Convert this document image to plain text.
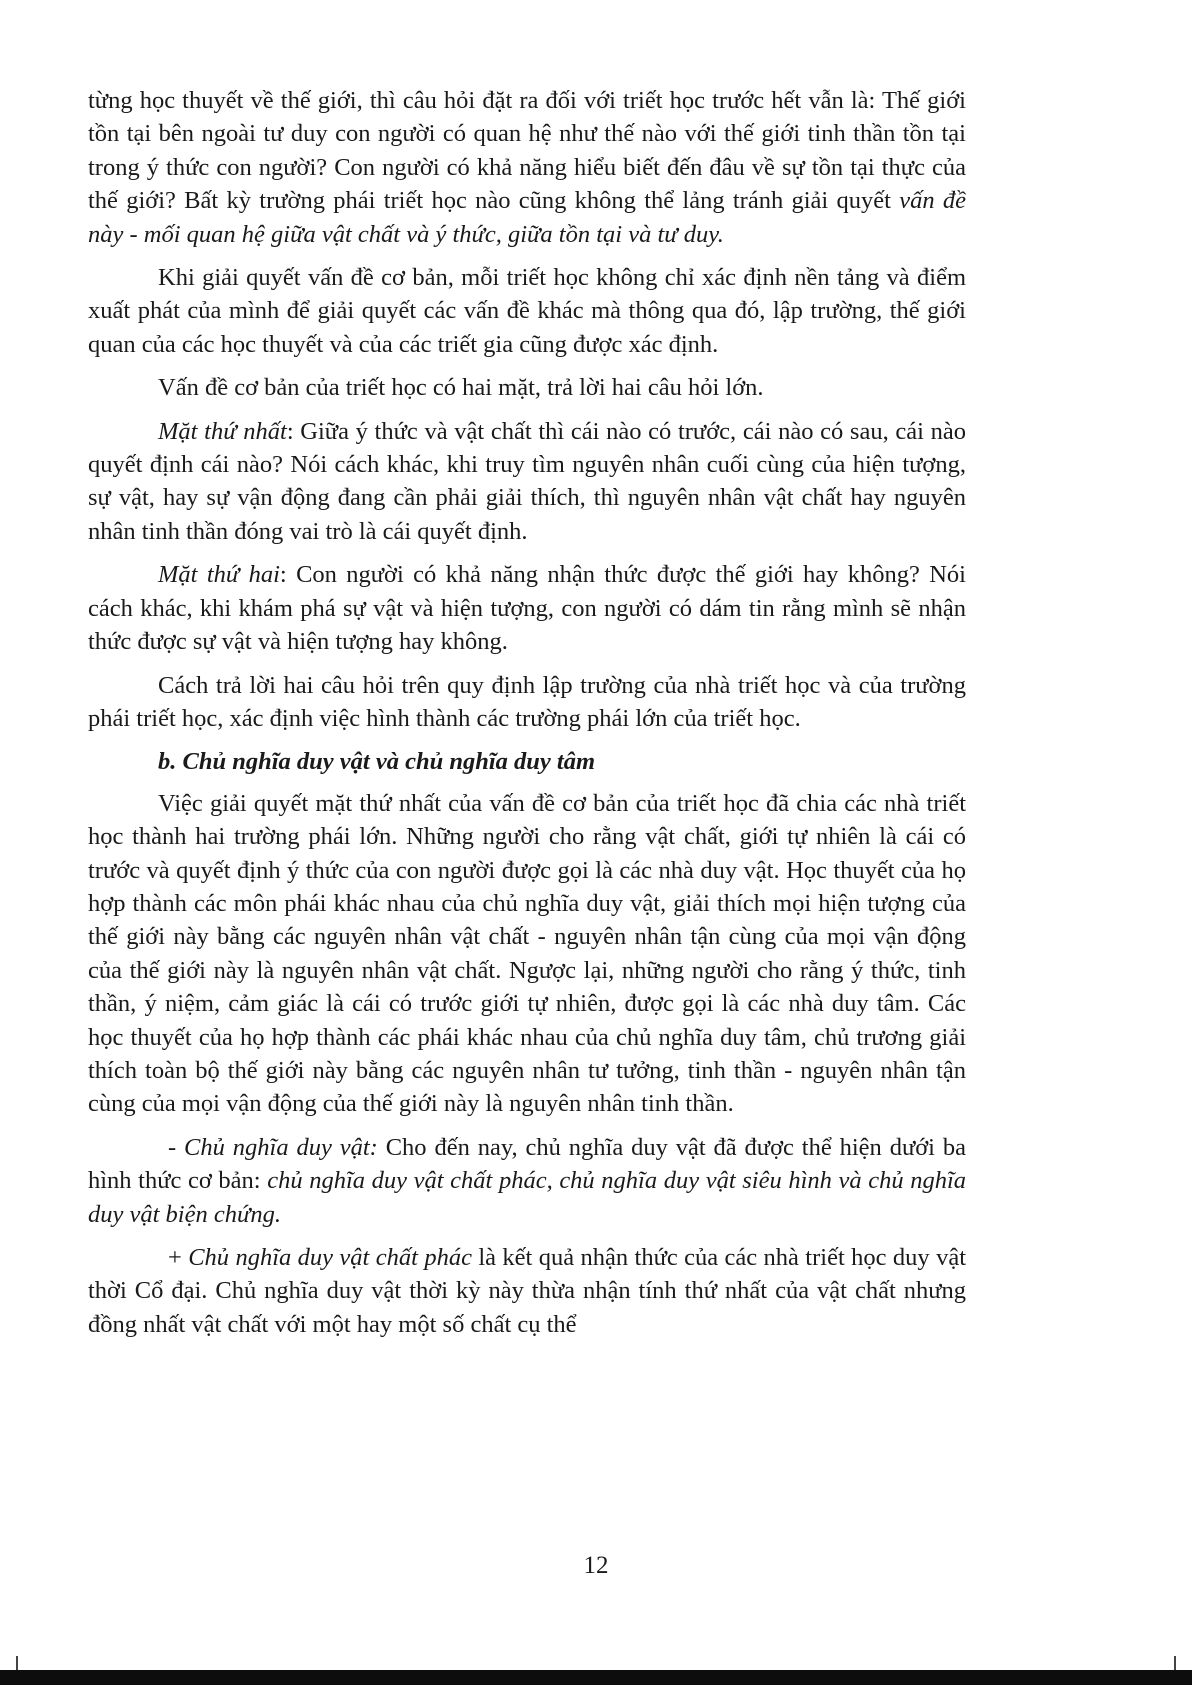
từng học thuyết về thế giới, thì câu hỏi đặt ra đối với triết học trước hết vẫn là: Thế giới tồn tại bên ngoài tư duy con người có quan hệ như thế nào với thế giới tinh thần tồn tại trong ý thức con người? Con người có khả năng hiểu biết đến đâu về sự tồn tại thực của thế giới? Bất kỳ trường phái triết học nào cũng không thể lảng tránh giải quyết vấn đề này - mối quan hệ giữa vật chất và ý thức, giữa tồn tại và tư duy.

Khi giải quyết vấn đề cơ bản, mỗi triết học không chỉ xác định nền tảng và điểm xuất phát của mình để giải quyết các vấn đề khác mà thông qua đó, lập trường, thế giới quan của các học thuyết và của các triết gia cũng được xác định.

Vấn đề cơ bản của triết học có hai mặt, trả lời hai câu hỏi lớn.

Mặt thứ nhất: Giữa ý thức và vật chất thì cái nào có trước, cái nào có sau, cái nào quyết định cái nào? Nói cách khác, khi truy tìm nguyên nhân cuối cùng của hiện tượng, sự vật, hay sự vận động đang cần phải giải thích, thì nguyên nhân vật chất hay nguyên nhân tinh thần đóng vai trò là cái quyết định.

Mặt thứ hai: Con người có khả năng nhận thức được thế giới hay không? Nói cách khác, khi khám phá sự vật và hiện tượng, con người có dám tin rằng mình sẽ nhận thức được sự vật và hiện tượng hay không.

Cách trả lời hai câu hỏi trên quy định lập trường của nhà triết học và của trường phái triết học, xác định việc hình thành các trường phái lớn của triết học.

b. Chủ nghĩa duy vật và chủ nghĩa duy tâm

Việc giải quyết mặt thứ nhất của vấn đề cơ bản của triết học đã chia các nhà triết học thành hai trường phái lớn. Những người cho rằng vật chất, giới tự nhiên là cái có trước và quyết định ý thức của con người được gọi là các nhà duy vật. Học thuyết của họ hợp thành các môn phái khác nhau của chủ nghĩa duy vật, giải thích mọi hiện tượng của thế giới này bằng các nguyên nhân vật chất - nguyên nhân tận cùng của mọi vận động của thế giới này là nguyên nhân vật chất. Ngược lại, những người cho rằng ý thức, tinh thần, ý niệm, cảm giác là cái có trước giới tự nhiên, được gọi là các nhà duy tâm. Các học thuyết của họ hợp thành các phái khác nhau của chủ nghĩa duy tâm, chủ trương giải thích toàn bộ thế giới này bằng các nguyên nhân tư tưởng, tinh thần - nguyên nhân tận cùng của mọi vận động của thế giới này là nguyên nhân tinh thần.

- Chủ nghĩa duy vật: Cho đến nay, chủ nghĩa duy vật đã được thể hiện dưới ba hình thức cơ bản: chủ nghĩa duy vật chất phác, chủ nghĩa duy vật siêu hình và chủ nghĩa duy vật biện chứng.

+ Chủ nghĩa duy vật chất phác là kết quả nhận thức của các nhà triết học duy vật thời Cổ đại. Chủ nghĩa duy vật thời kỳ này thừa nhận tính thứ nhất của vật chất nhưng đồng nhất vật chất với một hay một số chất cụ thể

12
